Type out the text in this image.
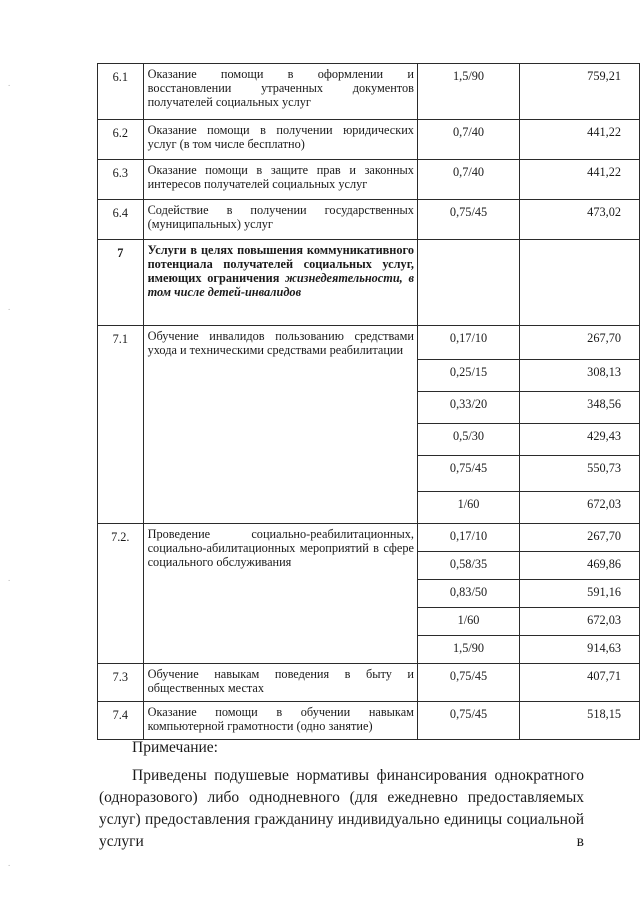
.
.
.
.
6.1	Оказание помощи в оформлении и восстановлении утраченных документов получателей социальных услуг	1,5/90	759,21
6.2	Оказание помощи в получении юридических услуг (в том числе бесплатно)	0,7/40	441,22
6.3	Оказание помощи в защите прав и законных интересов получателей социальных услуг	0,7/40	441,22
6.4	Содействие в получении государственных (муниципальных) услуг	0,75/45	473,02
7	Услуги в целях повышения коммуникативного потенциала получателей социальных услуг, имеющих ограничения жизнедеятельности, в том числе детей-инвалидов		
7.1	Обучение инвалидов пользованию средствами ухода и техническими средствами реабилитации	0,17/10	267,70
		0,25/15	308,13
		0,33/20	348,56
		0,5/30	429,43
		0,75/45	550,73
		1/60	672,03
7.2.	Проведение социально-реабилитационных, социально-абилитационных мероприятий в сфере социального обслуживания	0,17/10	267,70
		0,58/35	469,86
		0,83/50	591,16
		1/60	672,03
		1,5/90	914,63
7.3	Обучение навыкам поведения в быту и общественных местах	0,75/45	407,71
7.4	Оказание помощи в обучении навыкам компьютерной грамотности (одно занятие)	0,75/45	518,15
Примечание:
Приведены подушевые нормативы финансирования однократного (одноразового) либо однодневного (для ежедневно предоставляемых услуг) предоставления гражданину индивидуально единицы социальной услуги в
